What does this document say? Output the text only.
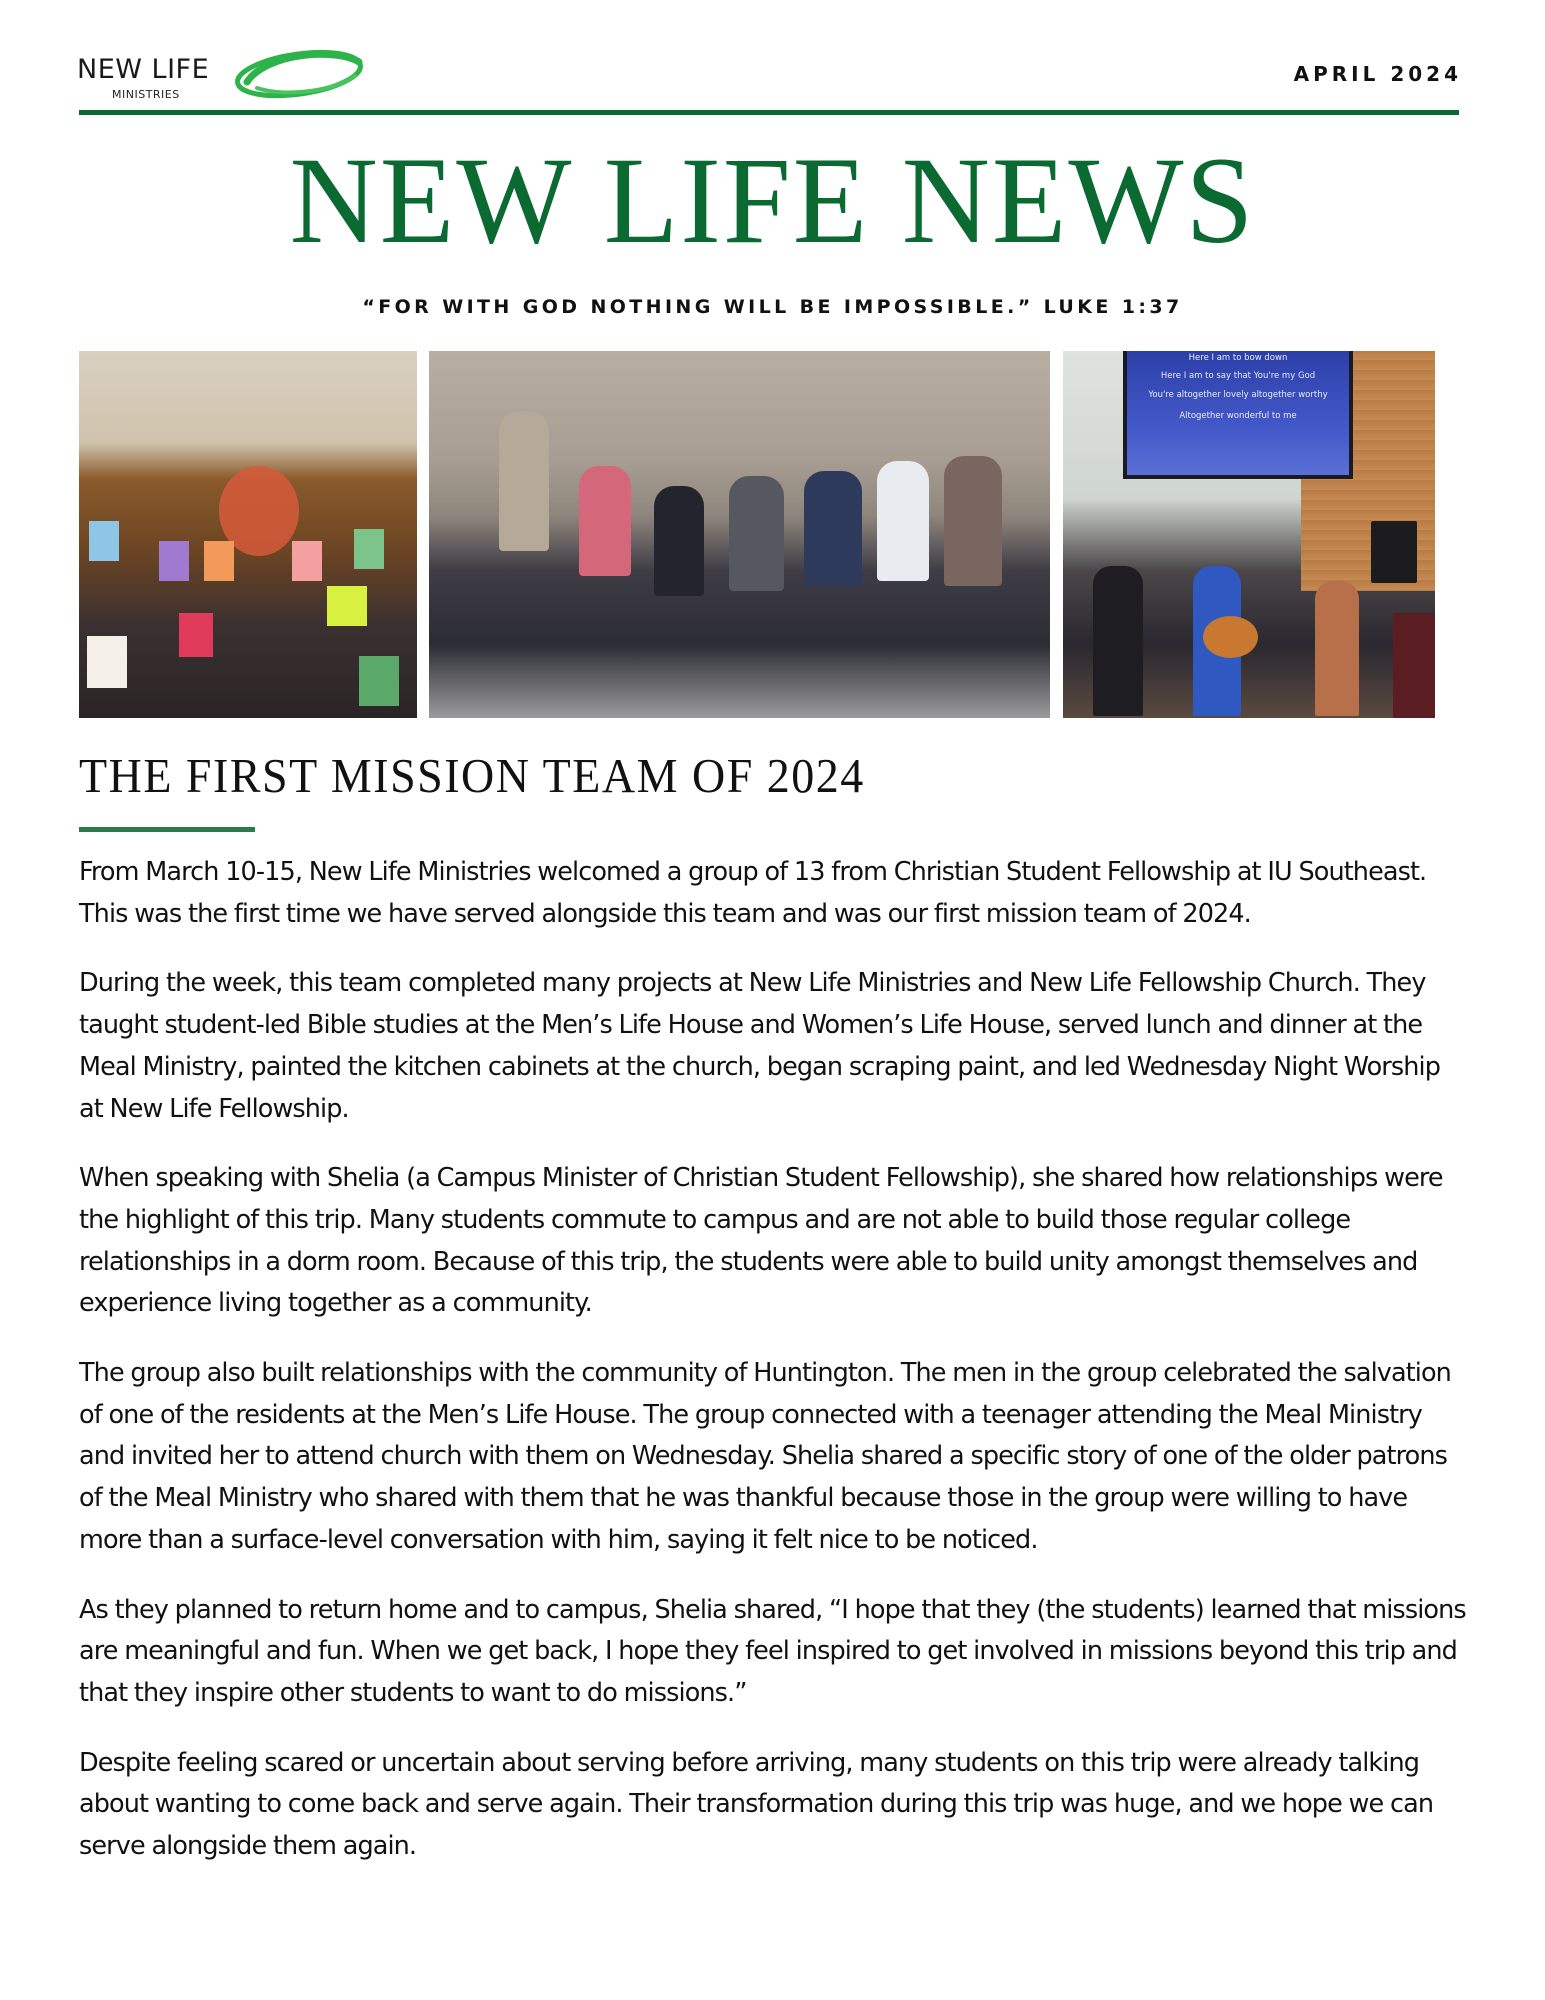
NEW LIFE
MINISTRIES
APRIL 2024
NEW LIFE NEWS
“FOR WITH GOD NOTHING WILL BE IMPOSSIBLE.” LUKE 1:37
Here I am to bow down
Here I am to say that You're my God
You're altogether lovely altogether worthy
Altogether wonderful to me
THE FIRST MISSION TEAM OF 2024

From March 10-15, New Life Ministries welcomed a group of 13 from Christian Student Fellowship at IU Southeast. This was the first time we have served alongside this team and was our first mission team of 2024.

During the week, this team completed many projects at New Life Ministries and New Life Fellowship Church. They taught student-led Bible studies at the Men’s Life House and Women’s Life House, served lunch and dinner at the Meal Ministry, painted the kitchen cabinets at the church, began scraping paint, and led Wednesday Night Worship at New Life Fellowship.

When speaking with Shelia (a Campus Minister of Christian Student Fellowship), she shared how relationships were the highlight of this trip. Many students commute to campus and are not able to build those regular college relationships in a dorm room. Because of this trip, the students were able to build unity amongst themselves and experience living together as a community.

The group also built relationships with the community of Huntington. The men in the group celebrated the salvation of one of the residents at the Men’s Life House. The group connected with a teenager attending the Meal Ministry and invited her to attend church with them on Wednesday. Shelia shared a specific story of one of the older patrons of the Meal Ministry who shared with them that he was thankful because those in the group were willing to have more than a surface-level conversation with him, saying it felt nice to be noticed.

As they planned to return home and to campus, Shelia shared, “I hope that they (the students) learned that missions are meaningful and fun. When we get back, I hope they feel inspired to get involved in missions beyond this trip and that they inspire other students to want to do missions.”

Despite feeling scared or uncertain about serving before arriving, many students on this trip were already talking about wanting to come back and serve again. Their transformation during this trip was huge, and we hope we can serve alongside them again.
